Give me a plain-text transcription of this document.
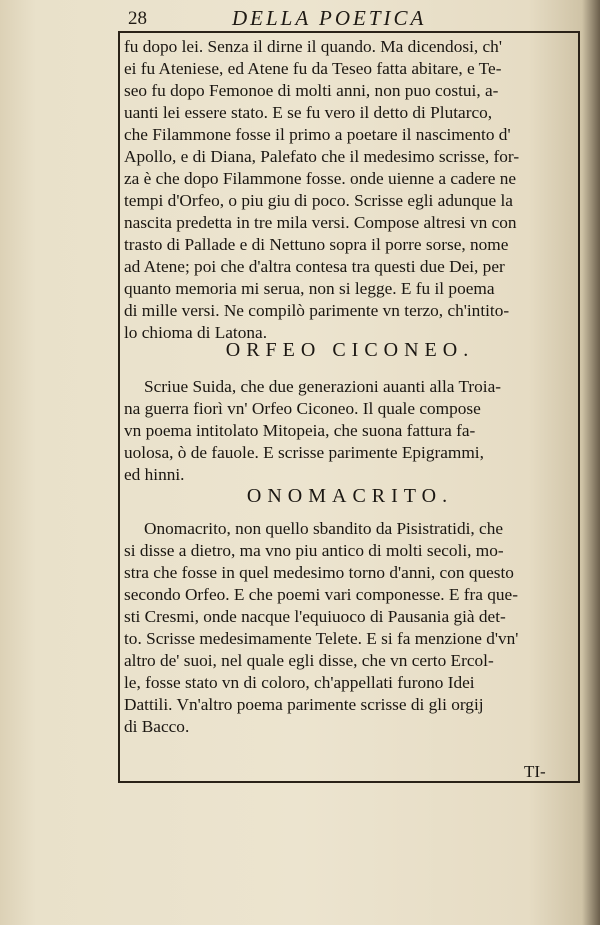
28	DELLA POETICA
fu dopo lei. Senza il dirne il quando. Ma dicendosi, ch'
ei fu Ateniese, ed Atene fu da Teseo fatta abitare, e Te-
seo fu dopo Femonoe di molti anni, non puo costui, a-
uanti lei essere stato. E se fu vero il detto di Plutarco,
che Filammone fosse il primo a poetare il nascimento d'
Apollo, e di Diana, Palefato che il medesimo scrisse, for-
za è che dopo Filammone fosse. onde uienne a cadere ne
tempi d'Orfeo, o piu giu di poco. Scrisse egli adunque la
nascita predetta in tre mila versi. Compose altresi vn con
trasto di Pallade e di Nettuno sopra il porre sorse, nome
ad Atene; poi che d'altra contesa tra questi due Dei, per
quanto memoria mi serua, non si legge. E fu il poema
di mille versi. Ne compilò parimente vn terzo, ch'intito-
lo chioma di Latona.
ORFEO CICONEO.
Scriue Suida, che due generazioni auanti alla Troia-
na guerra fiorì vn' Orfeo Ciconeo. Il quale compose
vn poema intitolato Mitopeia, che suona fattura fa-
uolosa, ò de fauole. E scrisse parimente Epigrammi,
ed hinni.
ONOMACRITO.
Onomacrito, non quello sbandito da Pisistratidi, che
si disse a dietro, ma vno piu antico di molti secoli, mo-
stra che fosse in quel medesimo torno d'anni, con questo
secondo Orfeo. E che poemi vari componesse. E fra que-
sti Cresmi, onde nacque l'equiuoco di Pausania già det-
to. Scrisse medesimamente Telete. E si fa menzione d'vn'
altro de' suoi, nel quale egli disse, che vn certo Ercol-
le, fosse stato vn di coloro, ch'appellati furono Idei
Dattili. Vn'altro poema parimente scrisse di gli orgij
di Bacco.
TI-
